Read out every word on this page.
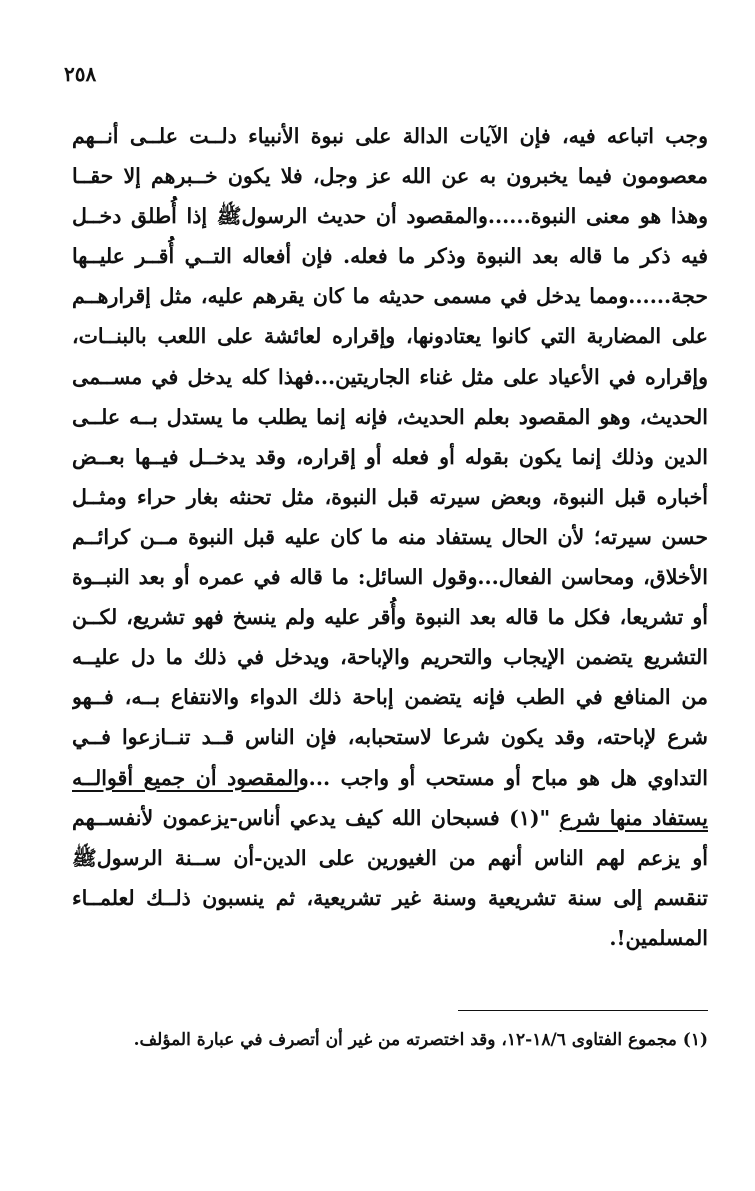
٢٥٨
وجب اتباعه فيه، فإن الآيات الدالة على نبوة الأنبياء دلــت علــى أنــهم
معصومون فيما يخبرون به عن الله عز وجل، فلا يكون خــبرهم إلا حقــا
وهذا هو معنى النبوة......والمقصود أن حديث الرسولﷺ إذا أُطلق دخــل
فيه ذكر ما قاله بعد النبوة وذكر ما فعله. فإن أفعاله التــي أُقــر عليــها
حجة......ومما يدخل في مسمى حديثه ما كان يقرهم عليه، مثل إقرارهــم
على المضاربة التي كانوا يعتادونها، وإقراره لعائشة على اللعب بالبنــات،
وإقراره في الأعياد على مثل غناء الجاريتين...فهذا كله يدخل في مســمى
الحديث، وهو المقصود بعلم الحديث، فإنه إنما يطلب ما يستدل بــه علــى
الدين وذلك إنما يكون بقوله أو فعله أو إقراره، وقد يدخــل فيــها بعــض
أخباره قبل النبوة، وبعض سيرته قبل النبوة، مثل تحنثه بغار حراء ومثــل
حسن سيرته؛ لأن الحال يستفاد منه ما كان عليه قبل النبوة مــن كرائــم
الأخلاق، ومحاسن الفعال...وقول السائل: ما قاله في عمره أو بعد النبــوة
أو تشريعا، فكل ما قاله بعد النبوة وأُقر عليه ولم ينسخ فهو تشريع، لكــن
التشريع يتضمن الإيجاب والتحريم والإباحة، ويدخل في ذلك ما دل عليــه
من المنافع في الطب فإنه يتضمن إباحة ذلك الدواء والانتفاع بــه، فــهو
شرع لإباحته، وقد يكون شرعا لاستحبابه، فإن الناس قــد تنــازعوا فــي
التداوي هل هو مباح أو مستحب أو واجب ...والمقصود أن جميع أقوالــه
يستفاد منها شرع "(١) فسبحان الله كيف يدعي أناس-يزعمون لأنفســهم
أو يزعم لهم الناس أنهم من الغيورين على الدين-أن ســنة الرسولﷺ
تنقسم إلى سنة تشريعية وسنة غير تشريعية، ثم ينسبون ذلــك لعلمــاء
المسلمين!.
(١) مجموع الفتاوى ١٨/٦-١٢، وقد اختصرته من غير أن أتصرف في عبارة المؤلف.
